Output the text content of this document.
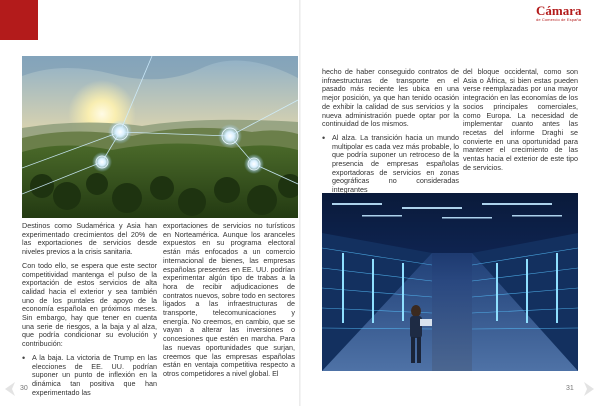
Cámara
de Comercio de España

Destinos como Sudamérica y Asia han experimentado crecimientos del 20% de las exportaciones de servicios desde niveles previos a la crisis sanitaria.

Con todo ello, se espera que este sector competitividad mantenga el pulso de la exportación de estos servicios de alta calidad hacia el exterior y sea también uno de los puntales de apoyo de la economía española en próximos meses. Sin embargo, hay que tener en cuenta una serie de riesgos, a la baja y al alza, que podría condicionar su evolución y contribución:

• A la baja. La victoria de Trump en las elecciones de EE. UU. podrían suponer un punto de inflexión en la dinámica tan positiva que han experimentado las

exportaciones de servicios no turísticos en Norteamérica. Aunque los aranceles expuestos en su programa electoral están más enfocados a un comercio internacional de bienes, las empresas españolas presentes en EE. UU. podrían experimentar algún tipo de trabas a la hora de recibir adjudicaciones de contratos nuevos, sobre todo en sectores ligados a las infraestructuras de transporte, telecomunicaciones y energía. No creemos, en cambio, que se vayan a alterar las inversiones o concesiones que estén en marcha. Para las nuevas oportunidades que surjan, creemos que las empresas españolas están en ventaja competitiva respecto a otros competidores a nivel global. El

hecho de haber conseguido contratos de infraestructuras de transporte en el pasado más reciente les ubica en una mejor posición, ya que han tenido ocasión de exhibir la calidad de sus servicios y la nueva administración puede optar por la continuidad de los mismos.

• Al alza. La transición hacia un mundo multipolar es cada vez más probable, lo que podría suponer un retroceso de la presencia de empresas españolas exportadoras de servicios en zonas geográficas no consideradas integrantes

del bloque occidental, como son Asia o África, si bien estas pueden verse reemplazadas por una mayor integración en las economías de los socios principales comerciales, como Europa. La necesidad de implementar cuanto antes las recetas del informe Draghi se convierte en una oportunidad para mantener el crecimiento de las ventas hacia el exterior de este tipo de servicios.

30	31
